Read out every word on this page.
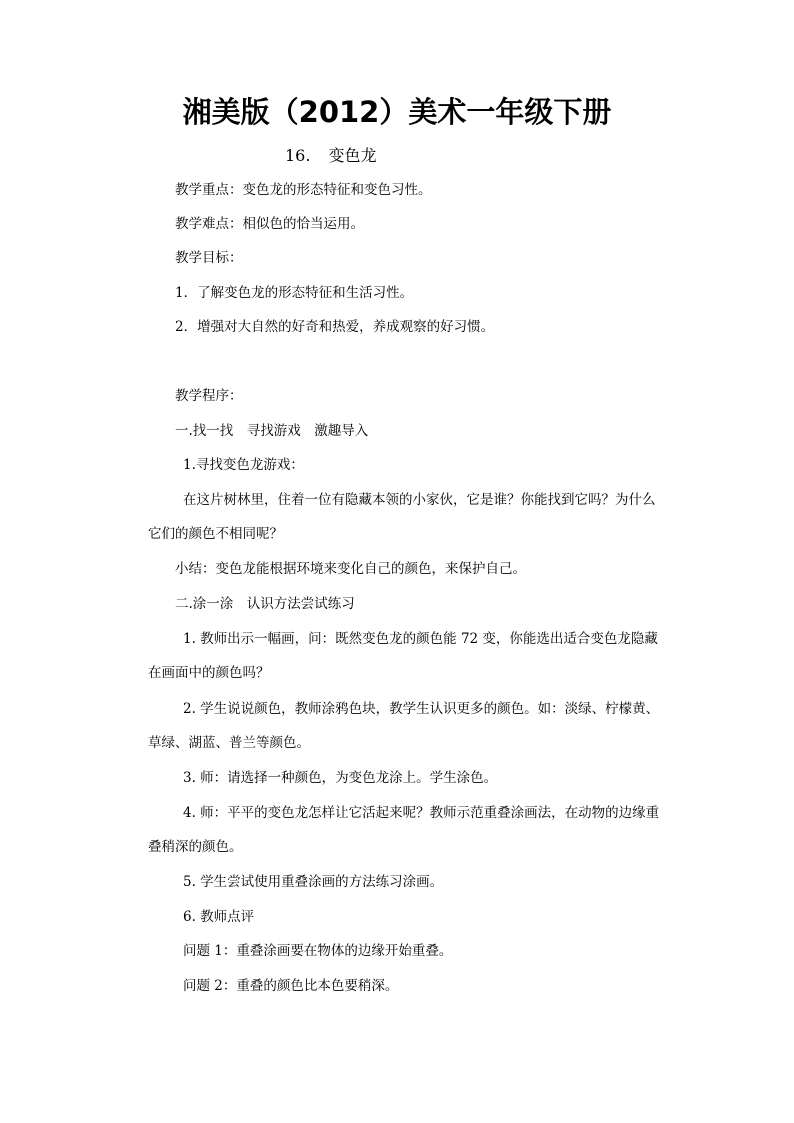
湘美版（2012）美术一年级下册
16. 变色龙

教学重点：变色龙的形态特征和变色习性。

教学难点：相似色的恰当运用。

教学目标：

1．了解变色龙的形态特征和生活习性。

2．增强对大自然的好奇和热爱，养成观察的好习惯。

教学程序：

一.找一找　寻找游戏　激趣导入

1.寻找变色龙游戏：

在这片树林里，住着一位有隐藏本领的小家伙，它是谁？你能找到它吗？为什么

它们的颜色不相同呢？

小结：变色龙能根据环境来变化自己的颜色，来保护自己。

二.涂一涂　认识方法尝试练习

1. 教师出示一幅画，问：既然变色龙的颜色能 72 变，你能选出适合变色龙隐藏

在画面中的颜色吗？

2. 学生说说颜色，教师涂鸦色块，教学生认识更多的颜色。如：淡绿、柠檬黄、

草绿、湖蓝、普兰等颜色。

3. 师：请选择一种颜色，为变色龙涂上。学生涂色。

4. 师：平平的变色龙怎样让它活起来呢？教师示范重叠涂画法，在动物的边缘重

叠稍深的颜色。

5. 学生尝试使用重叠涂画的方法练习涂画。

6. 教师点评

问题 1：重叠涂画要在物体的边缘开始重叠。

问题 2：重叠的颜色比本色要稍深。
